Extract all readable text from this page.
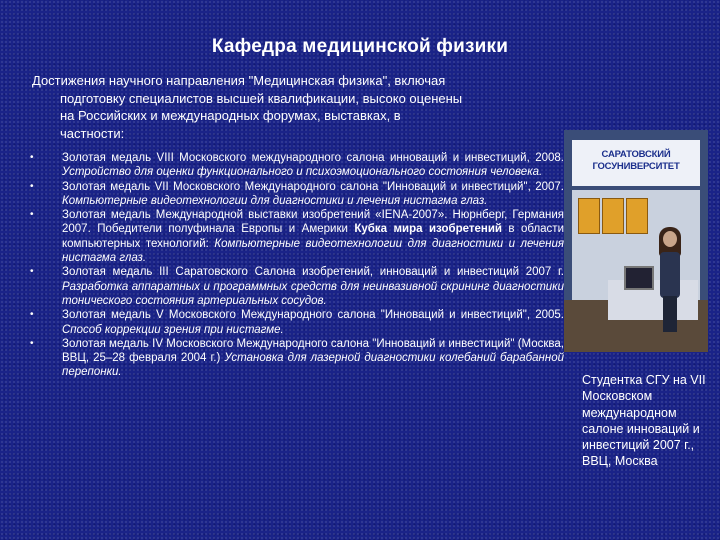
Кафедра медицинской физики
Достижения научного направления "Медицинская физика", включая
подготовку специалистов высшей квалификации, высоко оценены
на Российских и международных форумах, выставках, в
частности:
• Золотая медаль VIII Московского международного салона инноваций и инвестиций, 2008. Устройство для оценки функционального и психоэмоционального состояния человека.
• Золотая медаль VII Московского Международного салона "Инноваций и инвестиций", 2007. Компьютерные видеотехнологии для диагностики и лечения нистагма глаз.
• Золотая медаль Международной выставки изобретений «IENA-2007». Нюрнберг, Германия 2007. Победители полуфинала Европы и Америки Кубка мира изобретений в области компьютерных технологий: Компьютерные видеотехнологии для диагностики и лечения нистагма глаз.
• Золотая медаль III Саратовского Салона изобретений, инноваций и инвестиций 2007 г. Разработка аппаратных и программных средств для неинвазивной скрининг диагностики тонического состояния артериальных сосудов.
• Золотая медаль V Московского Международного салона "Инноваций и инвестиций", 2005. Способ коррекции зрения при нистагме.
• Золотая медаль IV Московского Международного салона "Инноваций и инвестиций" (Москва, ВВЦ, 25–28 февраля 2004 г.) Установка для лазерной диагностики колебаний барабанной перепонки.
САРАТОВСКИЙ
ГОСУНИВЕРСИТЕТ
Студентка СГУ на VII Московском международном салоне инноваций и инвестиций 2007 г., ВВЦ, Москва
